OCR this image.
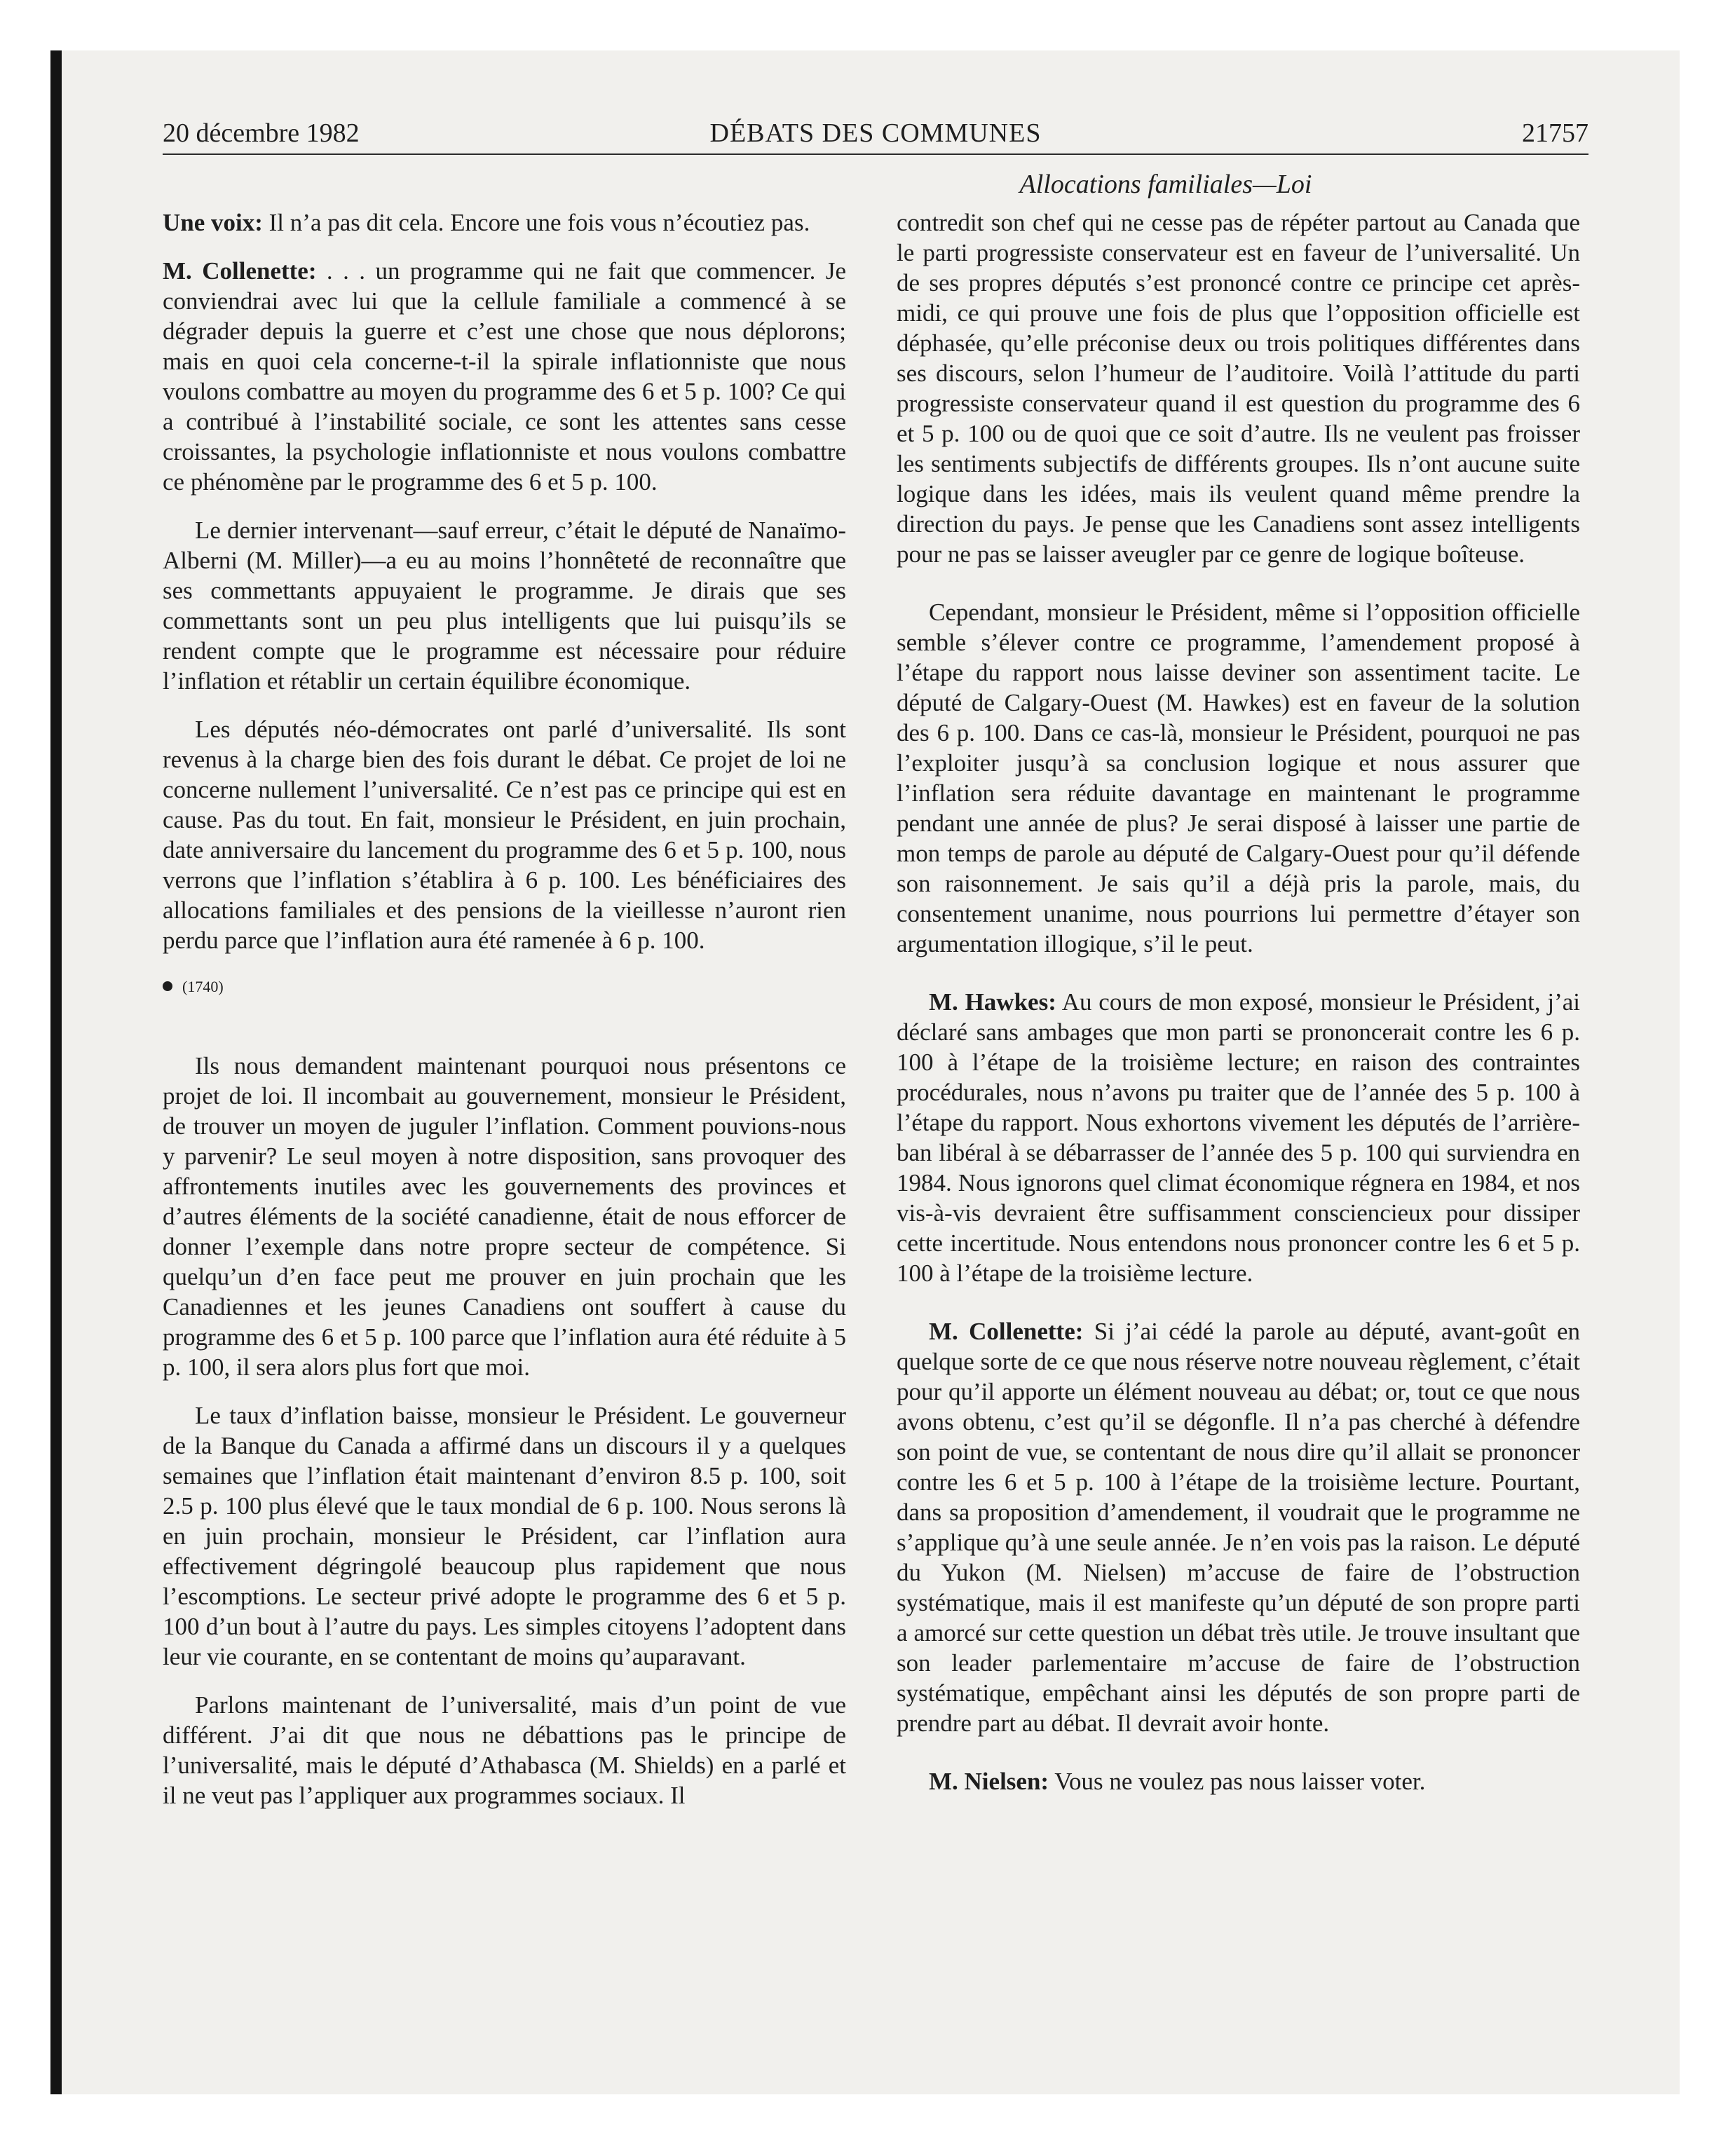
20 décembre 1982	DÉBATS DES COMMUNES	21757
Allocations familiales—Loi

Une voix: Il n’a pas dit cela. Encore une fois vous n’écoutiez pas.

M. Collenette: . . . un programme qui ne fait que commencer. Je conviendrai avec lui que la cellule familiale a commencé à se dégrader depuis la guerre et c’est une chose que nous déplorons; mais en quoi cela concerne-t-il la spirale inflationniste que nous voulons combattre au moyen du programme des 6 et 5 p. 100? Ce qui a contribué à l’instabilité sociale, ce sont les attentes sans cesse croissantes, la psychologie inflationniste et nous voulons combattre ce phénomène par le programme des 6 et 5 p. 100.

Le dernier intervenant—sauf erreur, c’était le député de Nanaïmo-Alberni (M. Miller)—a eu au moins l’honnêteté de reconnaître que ses commettants appuyaient le programme. Je dirais que ses commettants sont un peu plus intelligents que lui puisqu’ils se rendent compte que le programme est nécessaire pour réduire l’inflation et rétablir un certain équilibre économique.

Les députés néo-démocrates ont parlé d’universalité. Ils sont revenus à la charge bien des fois durant le débat. Ce projet de loi ne concerne nullement l’universalité. Ce n’est pas ce principe qui est en cause. Pas du tout. En fait, monsieur le Président, en juin prochain, date anniversaire du lancement du programme des 6 et 5 p. 100, nous verrons que l’inflation s’établira à 6 p. 100. Les bénéficiaires des allocations familiales et des pensions de la vieillesse n’auront rien perdu parce que l’inflation aura été ramenée à 6 p. 100.

(1740)

Ils nous demandent maintenant pourquoi nous présentons ce projet de loi. Il incombait au gouvernement, monsieur le Président, de trouver un moyen de juguler l’inflation. Comment pouvions-nous y parvenir? Le seul moyen à notre disposition, sans provoquer des affrontements inutiles avec les gouvernements des provinces et d’autres éléments de la société canadienne, était de nous efforcer de donner l’exemple dans notre propre secteur de compétence. Si quelqu’un d’en face peut me prouver en juin prochain que les Canadiennes et les jeunes Canadiens ont souffert à cause du programme des 6 et 5 p. 100 parce que l’inflation aura été réduite à 5 p. 100, il sera alors plus fort que moi.

Le taux d’inflation baisse, monsieur le Président. Le gouverneur de la Banque du Canada a affirmé dans un discours il y a quelques semaines que l’inflation était maintenant d’environ 8.5 p. 100, soit 2.5 p. 100 plus élevé que le taux mondial de 6 p. 100. Nous serons là en juin prochain, monsieur le Président, car l’inflation aura effectivement dégringolé beaucoup plus rapidement que nous l’escomptions. Le secteur privé adopte le programme des 6 et 5 p. 100 d’un bout à l’autre du pays. Les simples citoyens l’adoptent dans leur vie courante, en se contentant de moins qu’auparavant.

Parlons maintenant de l’universalité, mais d’un point de vue différent. J’ai dit que nous ne débattions pas le principe de l’universalité, mais le député d’Athabasca (M. Shields) en a parlé et il ne veut pas l’appliquer aux programmes sociaux. Il

contredit son chef qui ne cesse pas de répéter partout au Canada que le parti progressiste conservateur est en faveur de l’universalité. Un de ses propres députés s’est prononcé contre ce principe cet après-midi, ce qui prouve une fois de plus que l’opposition officielle est déphasée, qu’elle préconise deux ou trois politiques différentes dans ses discours, selon l’humeur de l’auditoire. Voilà l’attitude du parti progressiste conservateur quand il est question du programme des 6 et 5 p. 100 ou de quoi que ce soit d’autre. Ils ne veulent pas froisser les sentiments subjectifs de différents groupes. Ils n’ont aucune suite logique dans les idées, mais ils veulent quand même prendre la direction du pays. Je pense que les Canadiens sont assez intelligents pour ne pas se laisser aveugler par ce genre de logique boîteuse.

Cependant, monsieur le Président, même si l’opposition officielle semble s’élever contre ce programme, l’amendement proposé à l’étape du rapport nous laisse deviner son assentiment tacite. Le député de Calgary-Ouest (M. Hawkes) est en faveur de la solution des 6 p. 100. Dans ce cas-là, monsieur le Président, pourquoi ne pas l’exploiter jusqu’à sa conclusion logique et nous assurer que l’inflation sera réduite davantage en maintenant le programme pendant une année de plus? Je serai disposé à laisser une partie de mon temps de parole au député de Calgary-Ouest pour qu’il défende son raisonnement. Je sais qu’il a déjà pris la parole, mais, du consentement unanime, nous pourrions lui permettre d’étayer son argumentation illogique, s’il le peut.

M. Hawkes: Au cours de mon exposé, monsieur le Président, j’ai déclaré sans ambages que mon parti se prononcerait contre les 6 p. 100 à l’étape de la troisième lecture; en raison des contraintes procédurales, nous n’avons pu traiter que de l’année des 5 p. 100 à l’étape du rapport. Nous exhortons vivement les députés de l’arrière-ban libéral à se débarrasser de l’année des 5 p. 100 qui surviendra en 1984. Nous ignorons quel climat économique régnera en 1984, et nos vis-à-vis devraient être suffisamment consciencieux pour dissiper cette incertitude. Nous entendons nous prononcer contre les 6 et 5 p. 100 à l’étape de la troisième lecture.

M. Collenette: Si j’ai cédé la parole au député, avant-goût en quelque sorte de ce que nous réserve notre nouveau règlement, c’était pour qu’il apporte un élément nouveau au débat; or, tout ce que nous avons obtenu, c’est qu’il se dégonfle. Il n’a pas cherché à défendre son point de vue, se contentant de nous dire qu’il allait se prononcer contre les 6 et 5 p. 100 à l’étape de la troisième lecture. Pourtant, dans sa proposition d’amendement, il voudrait que le programme ne s’applique qu’à une seule année. Je n’en vois pas la raison. Le député du Yukon (M. Nielsen) m’accuse de faire de l’obstruction systématique, mais il est manifeste qu’un député de son propre parti a amorcé sur cette question un débat très utile. Je trouve insultant que son leader parlementaire m’accuse de faire de l’obstruction systématique, empêchant ainsi les députés de son propre parti de prendre part au débat. Il devrait avoir honte.

M. Nielsen: Vous ne voulez pas nous laisser voter.
